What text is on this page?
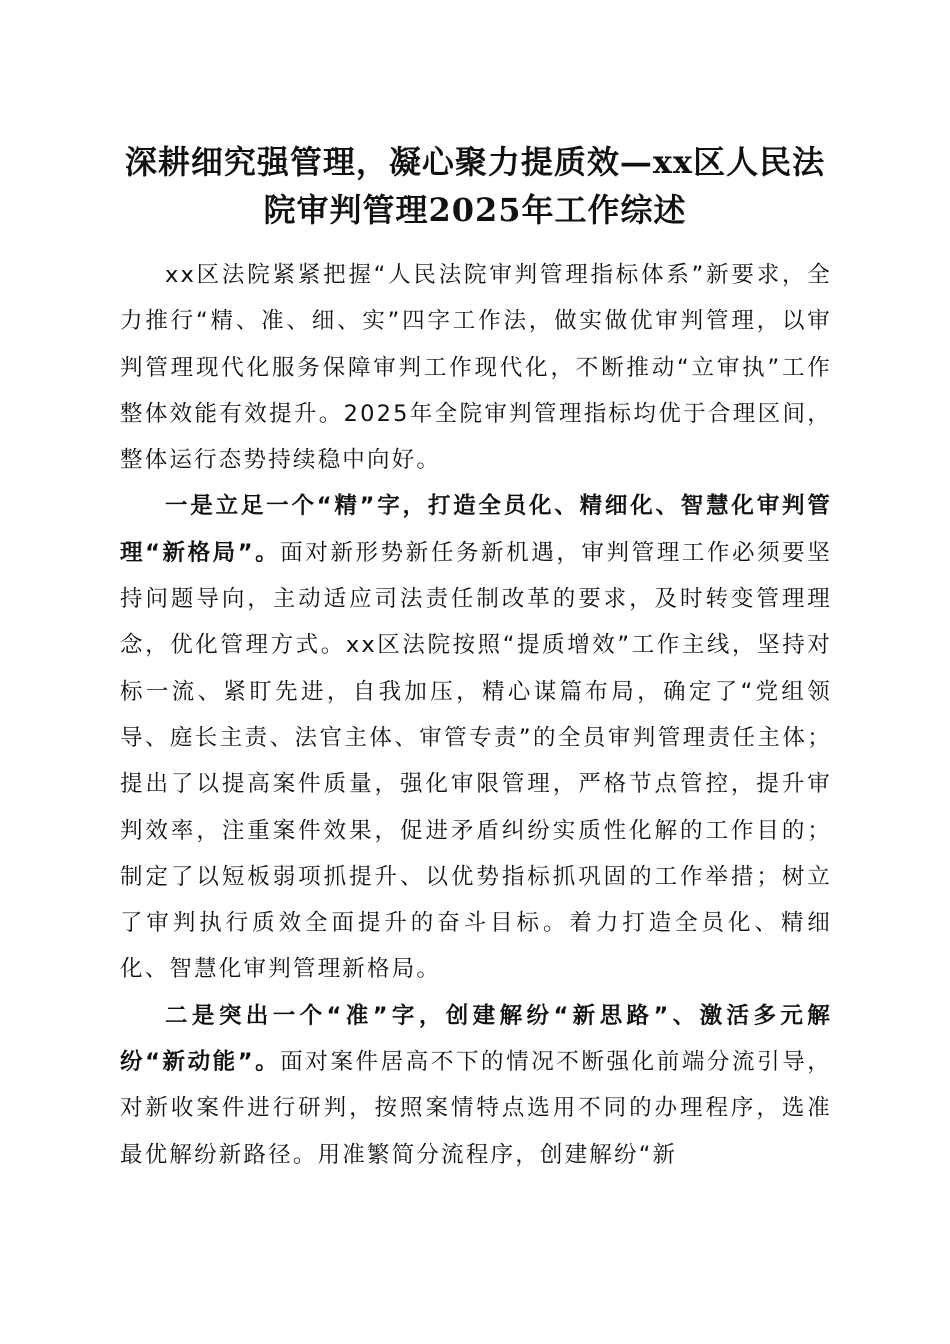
深耕细究强管理，凝心聚力提质效—xx区人民法院审判管理2025年工作综述

xx区法院紧紧把握“人民法院审判管理指标体系”新要求，全力推行“精、准、细、实”四字工作法，做实做优审判管理，以审判管理现代化服务保障审判工作现代化，不断推动“立审执”工作整体效能有效提升。2025年全院审判管理指标均优于合理区间，整体运行态势持续稳中向好。

一是立足一个“精”字，打造全员化、精细化、智慧化审判管理“新格局”。面对新形势新任务新机遇，审判管理工作必须要坚持问题导向，主动适应司法责任制改革的要求，及时转变管理理念，优化管理方式。xx区法院按照“提质增效”工作主线，坚持对标一流、紧盯先进，自我加压，精心谋篇布局，确定了“党组领导、庭长主责、法官主体、审管专责”的全员审判管理责任主体；提出了以提高案件质量，强化审限管理，严格节点管控，提升审判效率，注重案件效果，促进矛盾纠纷实质性化解的工作目的；制定了以短板弱项抓提升、以优势指标抓巩固的工作举措；树立了审判执行质效全面提升的奋斗目标。着力打造全员化、精细化、智慧化审判管理新格局。

二是突出一个“准”字，创建解纷“新思路”、激活多元解纷“新动能”。面对案件居高不下的情况不断强化前端分流引导，对新收案件进行研判，按照案情特点选用不同的办理程序，选准最优解纷新路径。用准繁简分流程序，创建解纷“新
